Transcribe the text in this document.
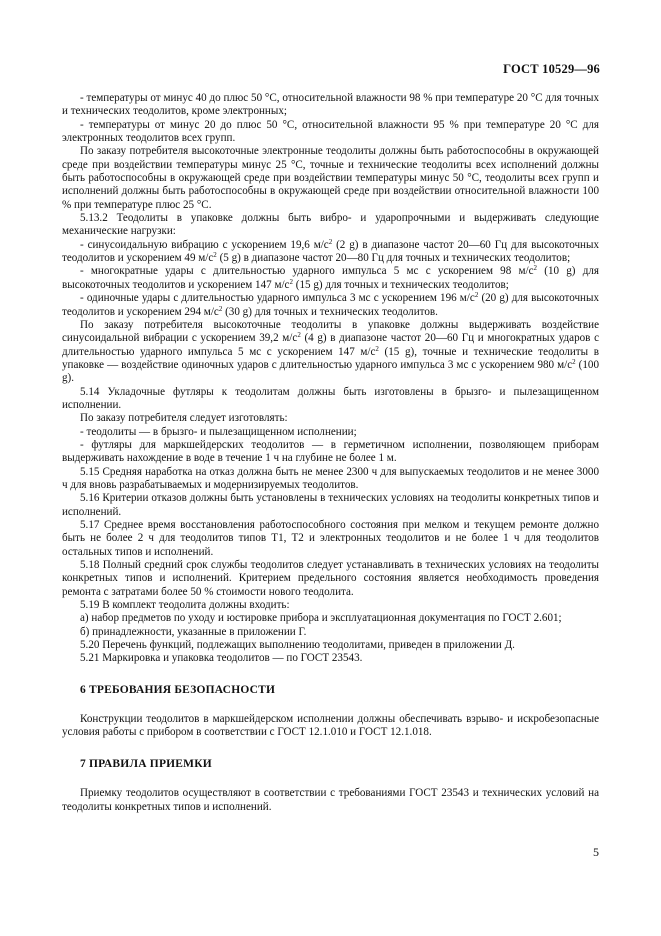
ГОСТ 10529—96

- температуры от минус 40 до плюс 50 °С, относительной влажности 98 % при температуре 20 °С для точных и технических теодолитов, кроме электронных;

- температуры от минус 20 до плюс 50 °С, относительной влажности 95 % при температуре 20 °С для электронных теодолитов всех групп.

По заказу потребителя высокоточные электронные теодолиты должны быть работоспособны в окружающей среде при воздействии температуры минус 25 °С, точные и технические теодолиты всех исполнений должны быть работоспособны в окружающей среде при воздействии температуры минус 50 °С, теодолиты всех групп и исполнений должны быть работоспособны в окружающей среде при воздействии относительной влажности 100 % при температуре плюс 25 °С.

5.13.2 Теодолиты в упаковке должны быть вибро- и ударопрочными и выдерживать следующие механические нагрузки:

- синусоидальную вибрацию с ускорением 19,6 $м/с^2$ (2 g) в диапазоне частот 20—60 Гц для высокоточных теодолитов и ускорением 49 $м/с^2$ (5 g) в диапазоне частот 20—80 Гц для точных и технических теодолитов;

- многократные удары с длительностью ударного импульса 5 мс с ускорением 98 $м/с^2$ (10 g) для высокоточных теодолитов и ускорением 147 $м/с^2$ (15 g) для точных и технических теодолитов;

- одиночные удары с длительностью ударного импульса 3 мс с ускорением 196 $м/с^2$ (20 g) для высокоточных теодолитов и ускорением 294 $м/с^2$ (30 g) для точных и технических теодолитов.

По заказу потребителя высокоточные теодолиты в упаковке должны выдерживать воздействие синусоидальной вибрации с ускорением 39,2 $м/с^2$ (4 g) в диапазоне частот 20—60 Гц и многократных ударов с длительностью ударного импульса 5 мс с ускорением 147 $м/с^2$ (15 g), точные и технические теодолиты в упаковке — воздействие одиночных ударов с длительностью ударного импульса 3 мс с ускорением 980 $м/с^2$ (100 g).

5.14 Укладочные футляры к теодолитам должны быть изготовлены в брызго- и пылезащищенном исполнении.

По заказу потребителя следует изготовлять:

- теодолиты — в брызго- и пылезащищенном исполнении;

- футляры для маркшейдерских теодолитов — в герметичном исполнении, позволяющем приборам выдерживать нахождение в воде в течение 1 ч на глубине не более 1 м.

5.15 Средняя наработка на отказ должна быть не менее 2300 ч для выпускаемых теодолитов и не менее 3000 ч для вновь разрабатываемых и модернизируемых теодолитов.

5.16 Критерии отказов должны быть установлены в технических условиях на теодолиты конкретных типов и исполнений.

5.17 Среднее время восстановления работоспособного состояния при мелком и текущем ремонте должно быть не более 2 ч для теодолитов типов Т1, Т2 и электронных теодолитов и не более 1 ч для теодолитов остальных типов и исполнений.

5.18 Полный средний срок службы теодолитов следует устанавливать в технических условиях на теодолиты конкретных типов и исполнений. Критерием предельного состояния является необходимость проведения ремонта с затратами более 50 % стоимости нового теодолита.

5.19 В комплект теодолита должны входить:

а) набор предметов по уходу и юстировке прибора и эксплуатационная документация по ГОСТ 2.601;

б) принадлежности, указанные в приложении Г.

5.20 Перечень функций, подлежащих выполнению теодолитами, приведен в приложении Д.

5.21 Маркировка и упаковка теодолитов — по ГОСТ 23543.

6 ТРЕБОВАНИЯ БЕЗОПАСНОСТИ

Конструкции теодолитов в маркшейдерском исполнении должны обеспечивать взрыво- и искробезопасные условия работы с прибором в соответствии с ГОСТ 12.1.010 и ГОСТ 12.1.018.

7 ПРАВИЛА ПРИЕМКИ

Приемку теодолитов осуществляют в соответствии с требованиями ГОСТ 23543 и технических условий на теодолиты конкретных типов и исполнений.

5
